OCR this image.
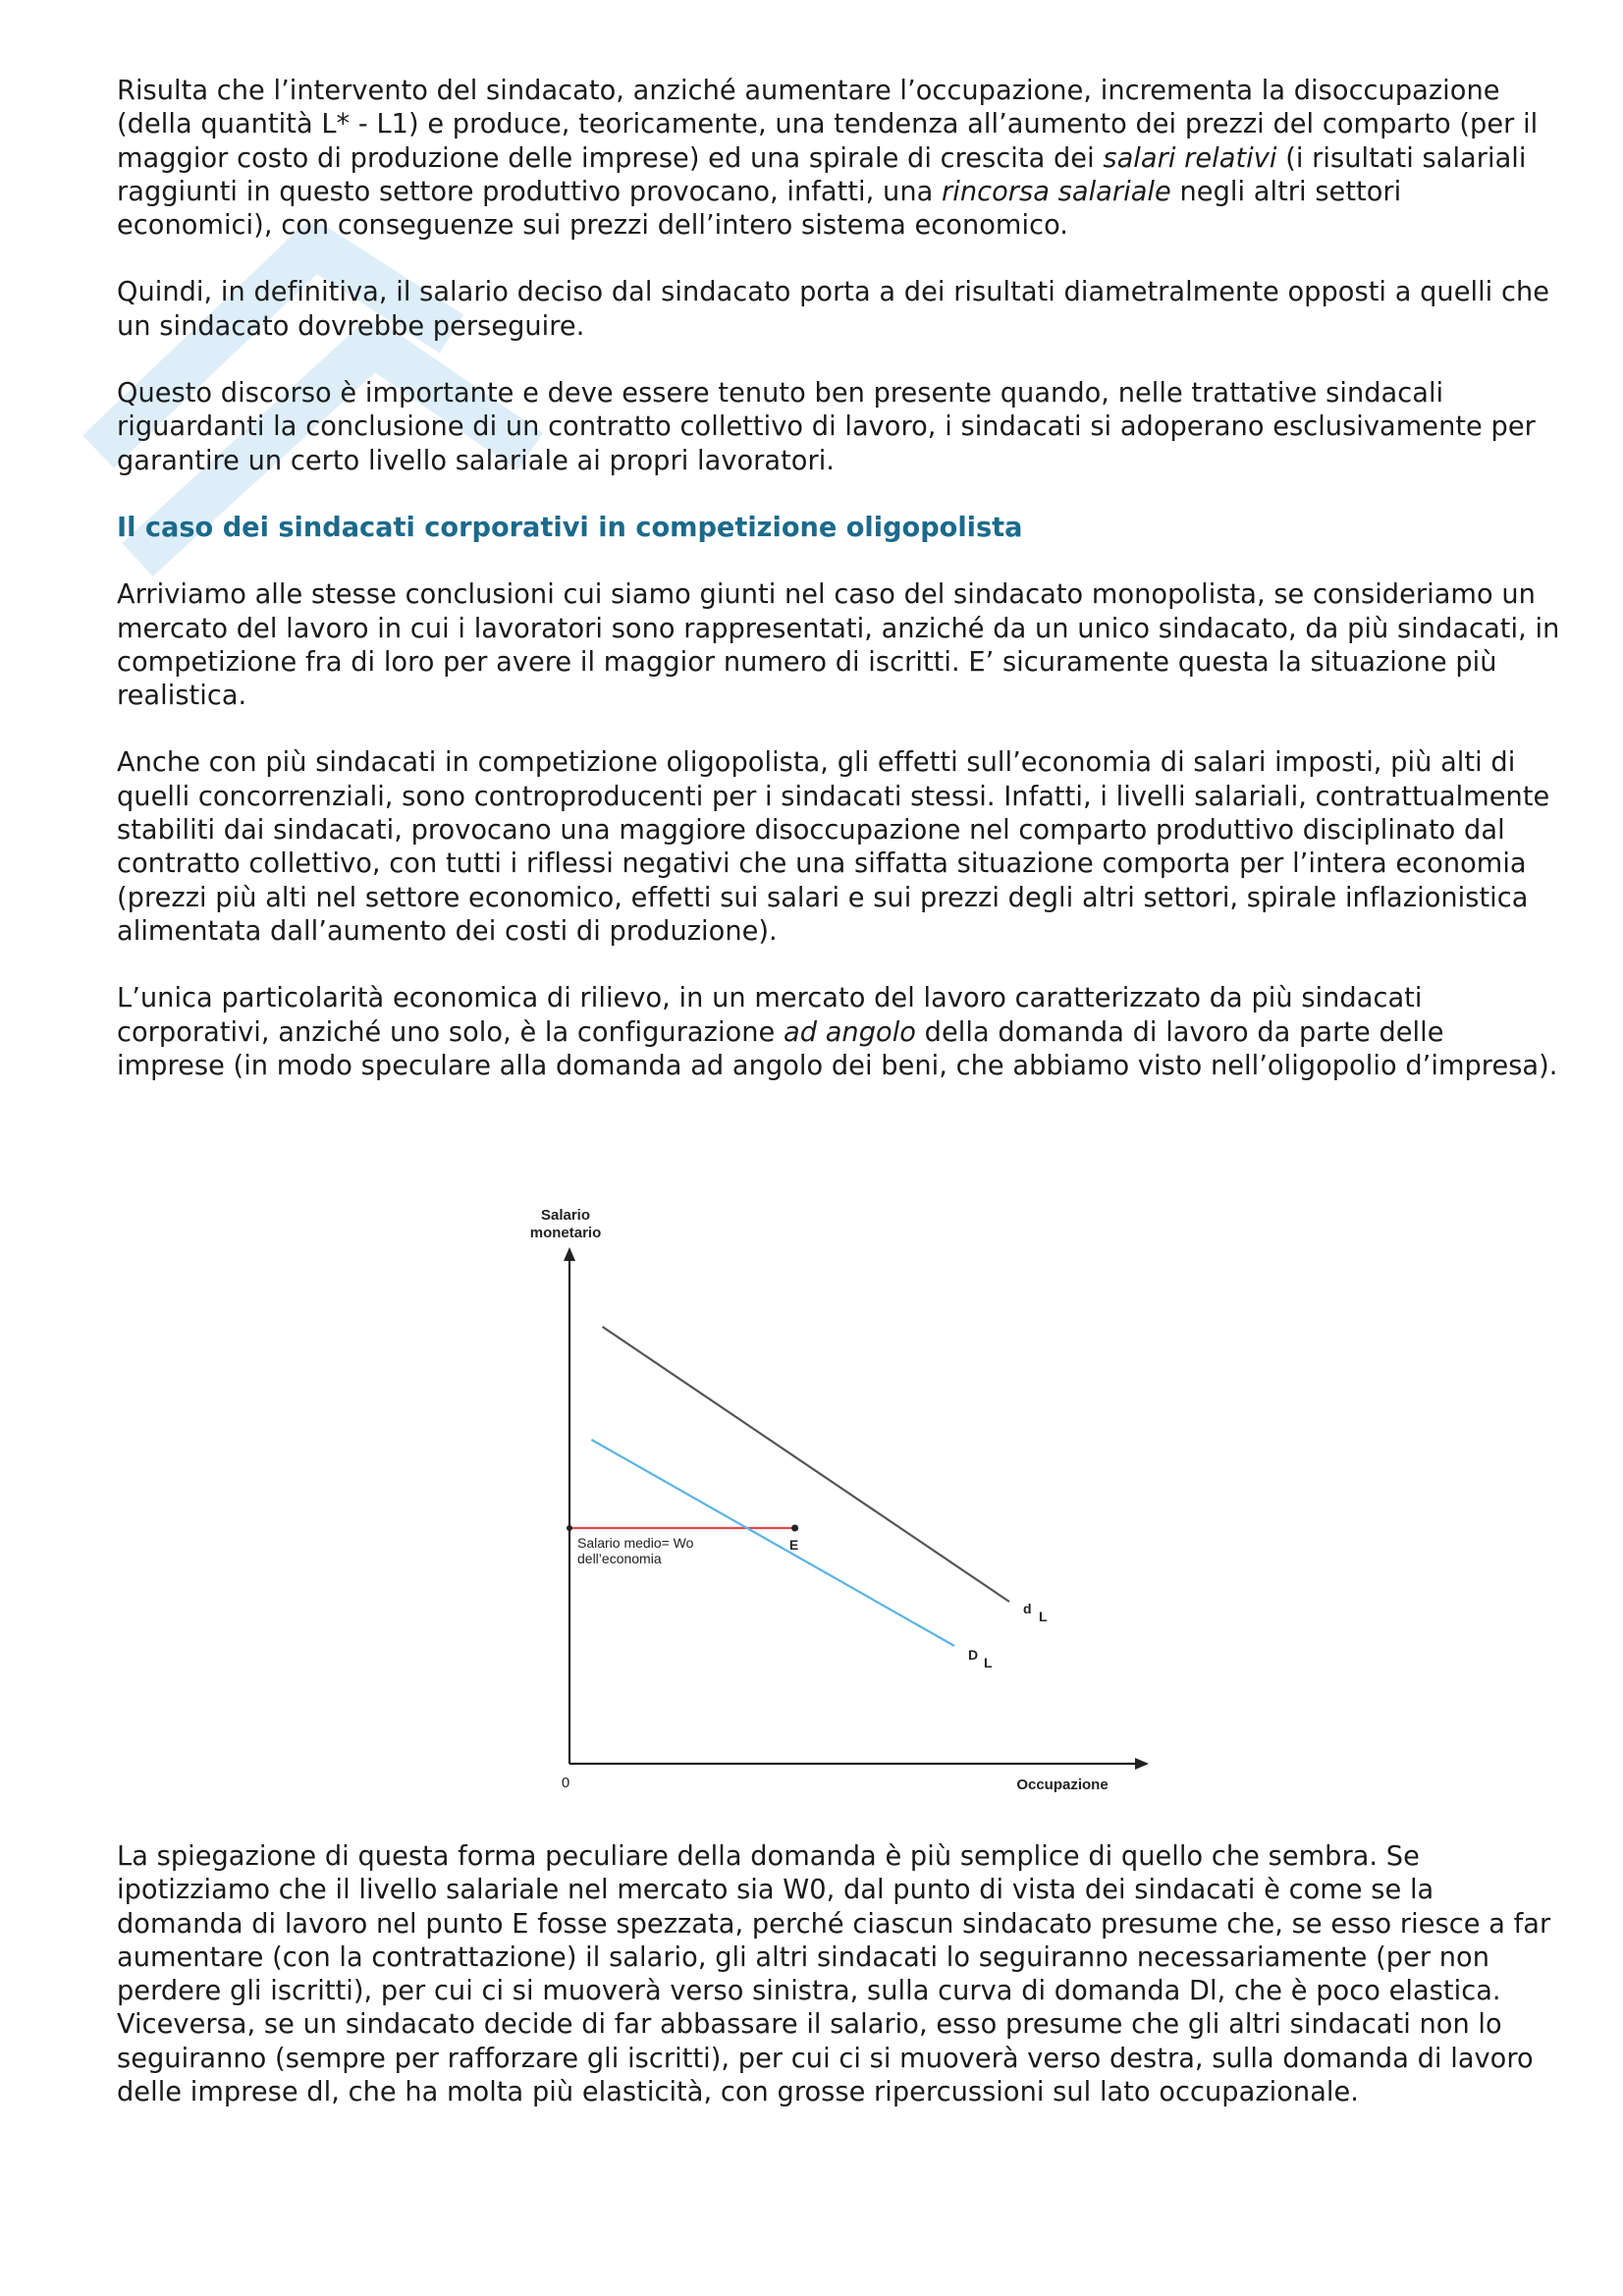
Risulta che l’intervento del sindacato, anziché aumentare l’occupazione, incrementa la disoccupazione (della quantità L* - L1) e produce, teoricamente, una tendenza all’aumento dei prezzi del comparto (per il maggior costo di produzione delle imprese) ed una spirale di crescita dei salari relativi (i risultati salariali raggiunti in questo settore produttivo provocano, infatti, una rincorsa salariale negli altri settori economici), con conseguenze sui prezzi dell’intero sistema economico.

Quindi, in definitiva, il salario deciso dal sindacato porta a dei risultati diametralmente opposti a quelli che un sindacato dovrebbe perseguire.

Questo discorso è importante e deve essere tenuto ben presente quando, nelle trattative sindacali riguardanti la conclusione di un contratto collettivo di lavoro, i sindacati si adoperano esclusivamente per garantire un certo livello salariale ai propri lavoratori.

Il caso dei sindacati corporativi in competizione oligopolista

Arriviamo alle stesse conclusioni cui siamo giunti nel caso del sindacato monopolista, se consideriamo un mercato del lavoro in cui i lavoratori sono rappresentati, anziché da un unico sindacato, da più sindacati, in competizione fra di loro per avere il maggior numero di iscritti. E’ sicuramente questa la situazione più realistica.

Anche con più sindacati in competizione oligopolista, gli effetti sull’economia di salari imposti, più alti di quelli concorrenziali, sono controproducenti per i sindacati stessi. Infatti, i livelli salariali, contrattualmente stabiliti dai sindacati, provocano una maggiore disoccupazione nel comparto produttivo disciplinato dal contratto collettivo, con tutti i riflessi negativi che una siffatta situazione comporta per l’intera economia (prezzi più alti nel settore economico, effetti sui salari e sui prezzi degli altri settori, spirale inflazionistica alimentata dall’aumento dei costi di produzione).

L’unica particolarità economica di rilievo, in un mercato del lavoro caratterizzato da più sindacati corporativi, anziché uno solo, è la configurazione ad angolo della domanda di lavoro da parte delle imprese (in modo speculare alla domanda ad angolo dei beni, che abbiamo visto nell’oligopolio d’impresa).

Salario
monetario
0	Occupazione
Salario medio= Wo
dell’economia
d L
D L
E

La spiegazione di questa forma peculiare della domanda è più semplice di quello che sembra. Se ipotizziamo che il livello salariale nel mercato sia W0, dal punto di vista dei sindacati è come se la domanda di lavoro nel punto E fosse spezzata, perché ciascun sindacato presume che, se esso riesce a far aumentare (con la contrattazione) il salario, gli altri sindacati lo seguiranno necessariamente (per non perdere gli iscritti), per cui ci si muoverà verso sinistra, sulla curva di domanda Dl, che è poco elastica. Viceversa, se un sindacato decide di far abbassare il salario, esso presume che gli altri sindacati non lo seguiranno (sempre per rafforzare gli iscritti), per cui ci si muoverà verso destra, sulla domanda di lavoro delle imprese dl, che ha molta più elasticità, con grosse ripercussioni sul lato occupazionale.
